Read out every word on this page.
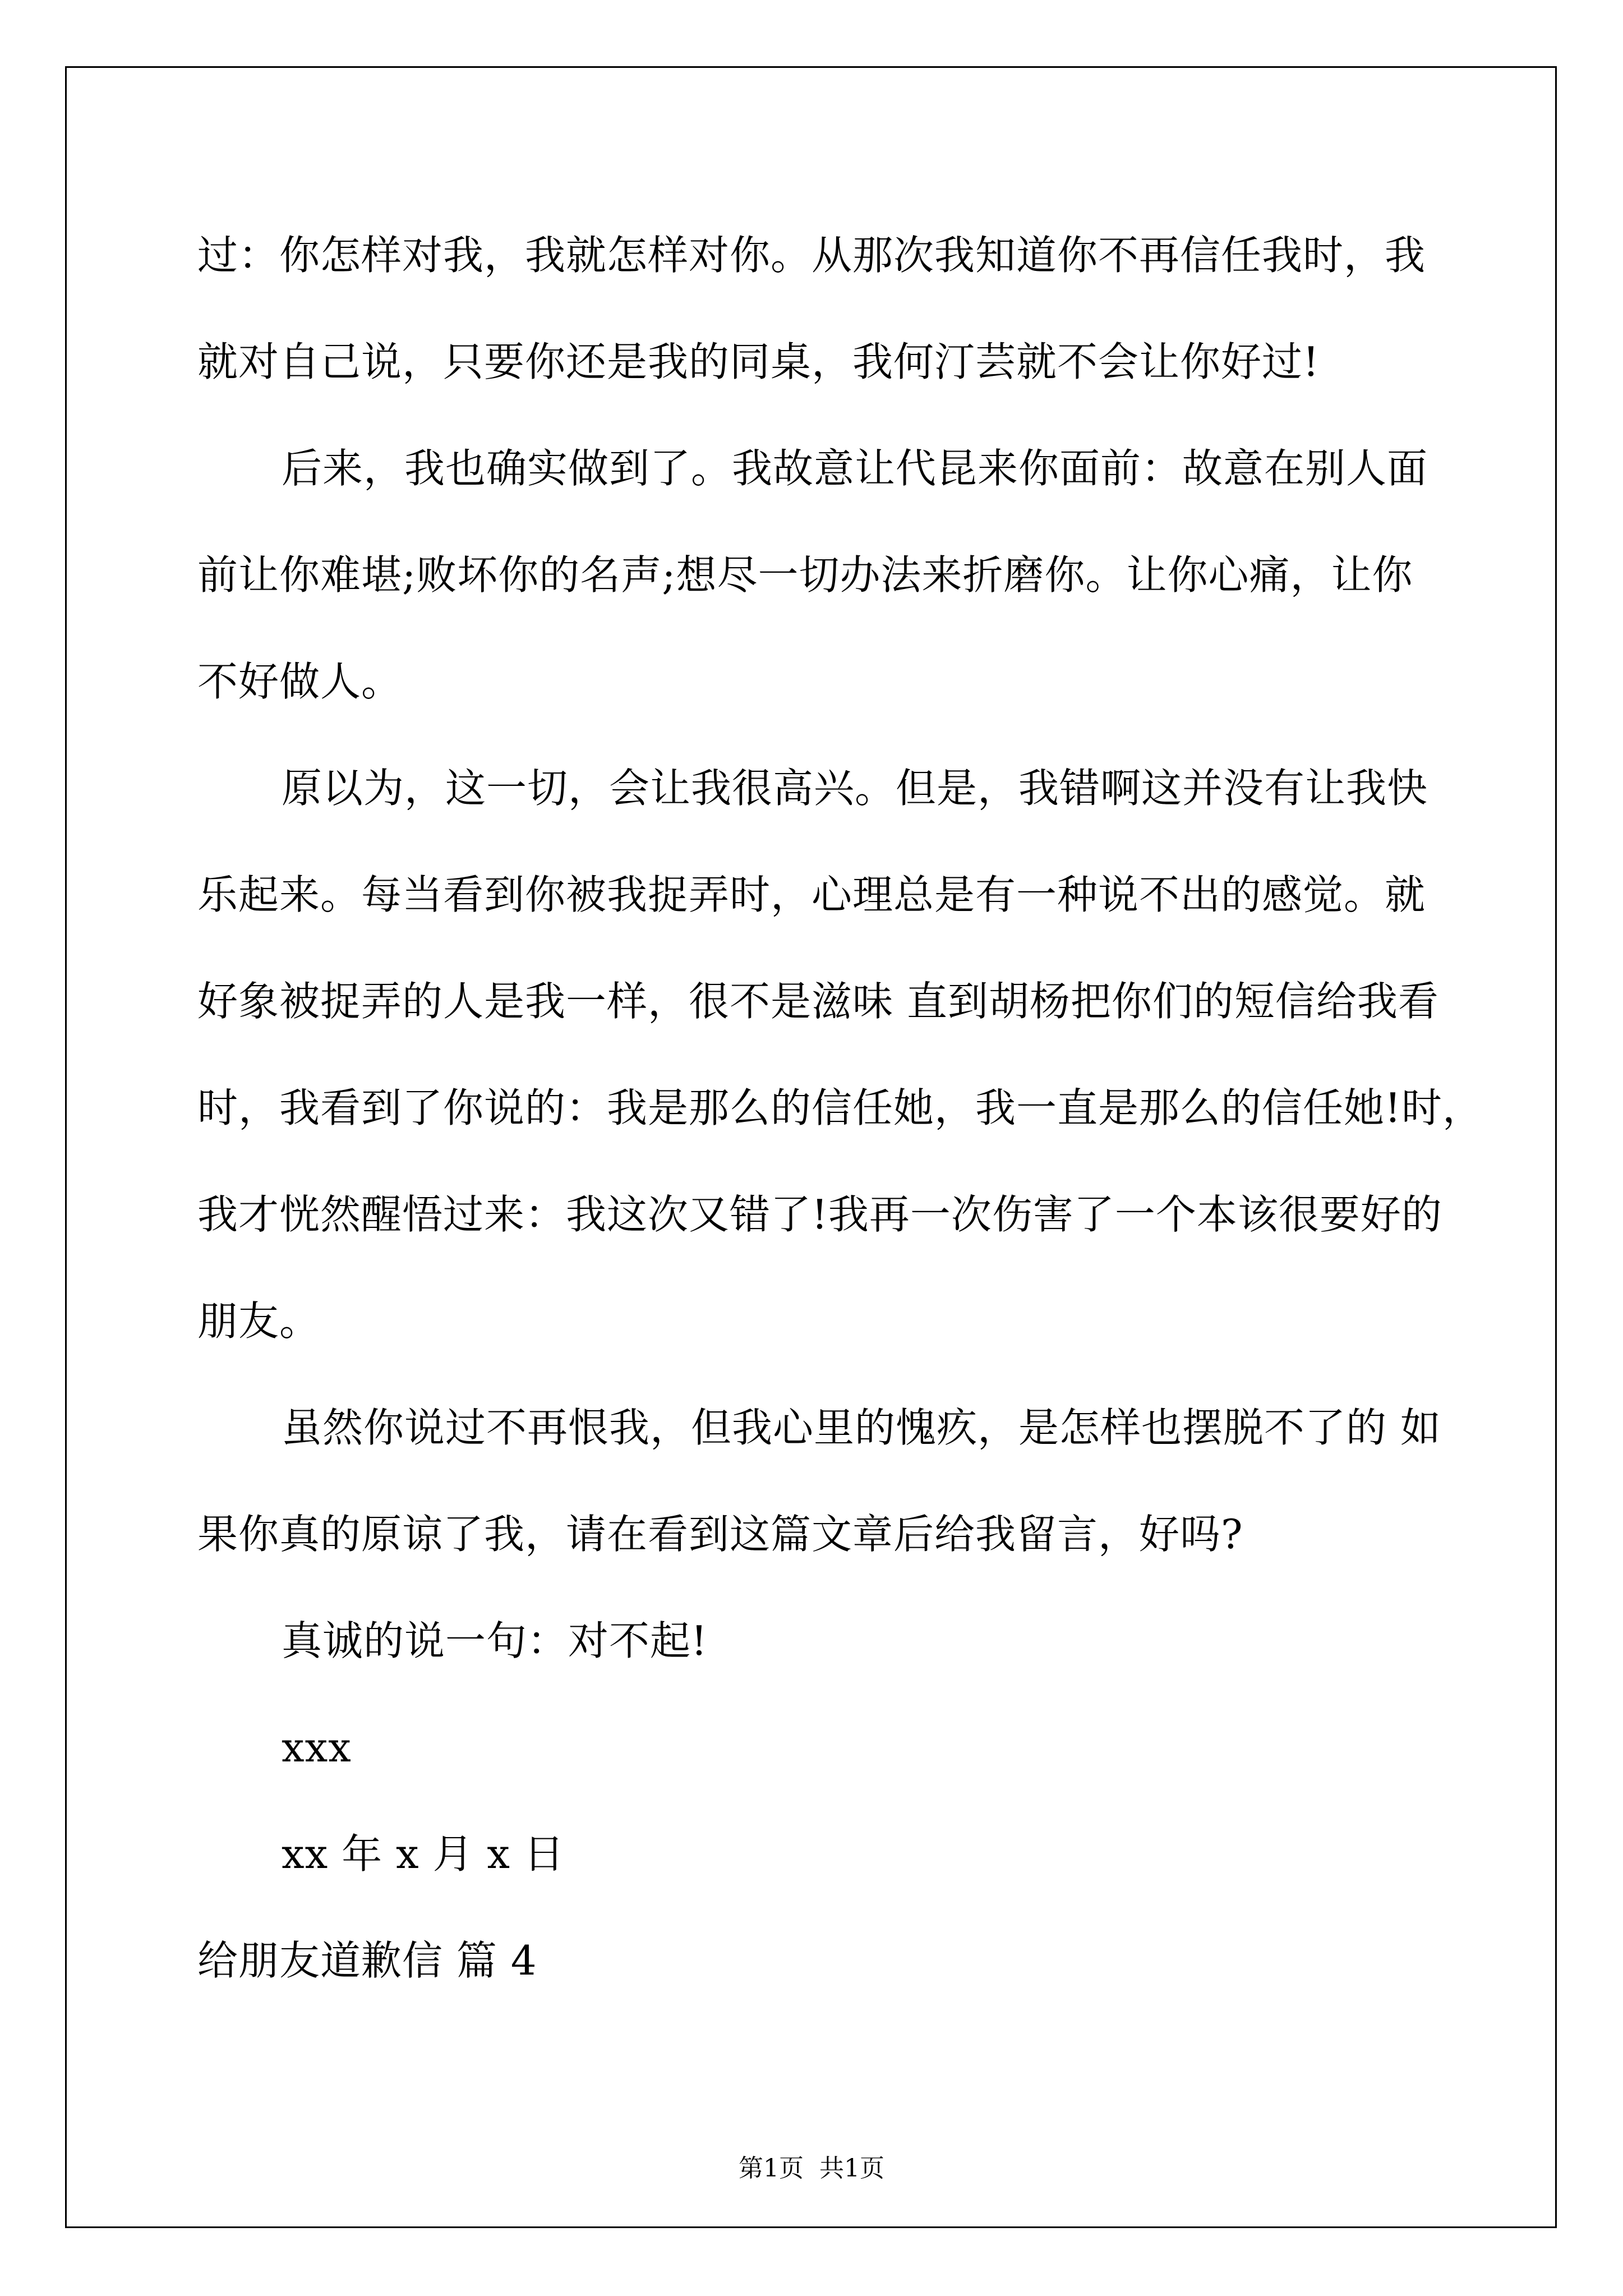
过：你怎样对我，我就怎样对你。从那次我知道你不再信任我时，我
就对自己说，只要你还是我的同桌，我何汀芸就不会让你好过!
后来，我也确实做到了。我故意让代昆来你面前：故意在别人面
前让你难堪;败坏你的名声;想尽一切办法来折磨你。让你心痛，让你
不好做人。
原以为，这一切，会让我很高兴。但是，我错啊这并没有让我快
乐起来。每当看到你被我捉弄时，心理总是有一种说不出的感觉。就
好象被捉弄的人是我一样，很不是滋味 直到胡杨把你们的短信给我看
时，我看到了你说的：我是那么的信任她，我一直是那么的信任她!时，
我才恍然醒悟过来：我这次又错了!我再一次伤害了一个本该很要好的
朋友。
虽然你说过不再恨我，但我心里的愧疚，是怎样也摆脱不了的 如
果你真的原谅了我，请在看到这篇文章后给我留言，好吗?
真诚的说一句：对不起!
xxx
xx 年 x 月 x 日
给朋友道歉信 篇 4
第1页  共1页
